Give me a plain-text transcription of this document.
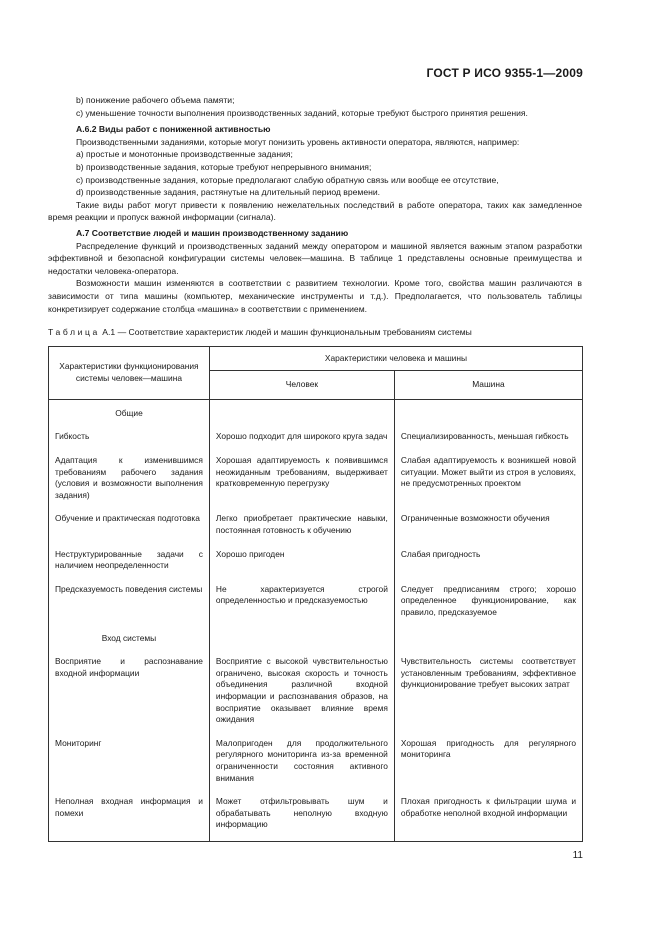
ГОСТ Р ИСО 9355-1—2009

b) понижение рабочего объема памяти;

c) уменьшение точности выполнения производственных заданий, которые требуют быстрого принятия решения.

А.6.2 Виды работ с пониженной активностью

Производственными заданиями, которые могут понизить уровень активности оператора, являются, например:

a) простые и монотонные производственные задания;

b) производственные задания, которые требуют непрерывного внимания;

c) производственные задания, которые предполагают слабую обратную связь или вообще ее отсутствие,

d) производственные задания, растянутые на длительный период времени.

Такие виды работ могут привести к появлению нежелательных последствий в работе оператора, таких как замедленное время реакции и пропуск важной информации (сигнала).

А.7 Соответствие людей и машин производственному заданию

Распределение функций и производственных заданий между оператором и машиной является важным этапом разработки эффективной и безопасной конфигурации системы человек—машина. В таблице 1 представлены основные преимущества и недостатки человека-оператора.

Возможности машин изменяются в соответствии с развитием технологии. Кроме того, свойства машин различаются в зависимости от типа машины (компьютер, механические инструменты и т.д.). Предполагается, что пользователь таблицы конкретизирует содержание столбца «машина» в соответствии с применением.

Таблица А.1 — Соответствие характеристик людей и машин функциональным требованиям системы

Характеристики функционирования системы человек—машина	Характеристики человека и машины	
	Человек	Машина
Общие		
Гибкость	Хорошо подходит для широкого круга задач	Специализированность, меньшая гибкость
Адаптация к изменившимся требованиям рабочего задания (условия и возможности выполнения задания)	Хорошая адаптируемость к появившимся неожиданным требованиям, выдерживает кратковременную перегрузку	Слабая адаптируемость к возникшей новой ситуации. Может выйти из строя в условиях, не предусмотренных проектом
Обучение и практическая подготовка	Легко приобретает практические навыки, постоянная готовность к обучению	Ограниченные возможности обучения
Неструктурированные задачи с наличием неопределенности	Хорошо пригоден	Слабая пригодность
Предсказуемость поведения системы	Не характеризуется строгой определенностью и предсказуемостью	Следует предписаниям строго; хорошо определенное функционирование, как правило, предсказуемое
Вход системы		
Восприятие и распознавание входной информации	Восприятие с высокой чувствительностью ограничено, высокая скорость и точность объединения различной входной информации и распознавания образов, на восприятие оказывает влияние время ожидания	Чувствительность системы соответствует установленным требованиям, эффективное функционирование требует высоких затрат
Мониторинг	Малопригоден для продолжительного регулярного мониторинга из-за временной ограниченности состояния активного внимания	Хорошая пригодность для регулярного мониторинга
Неполная входная информация и помехи	Может отфильтровывать шум и обрабатывать неполную входную информацию	Плохая пригодность к фильтрации шума и обработке неполной входной информации

11
